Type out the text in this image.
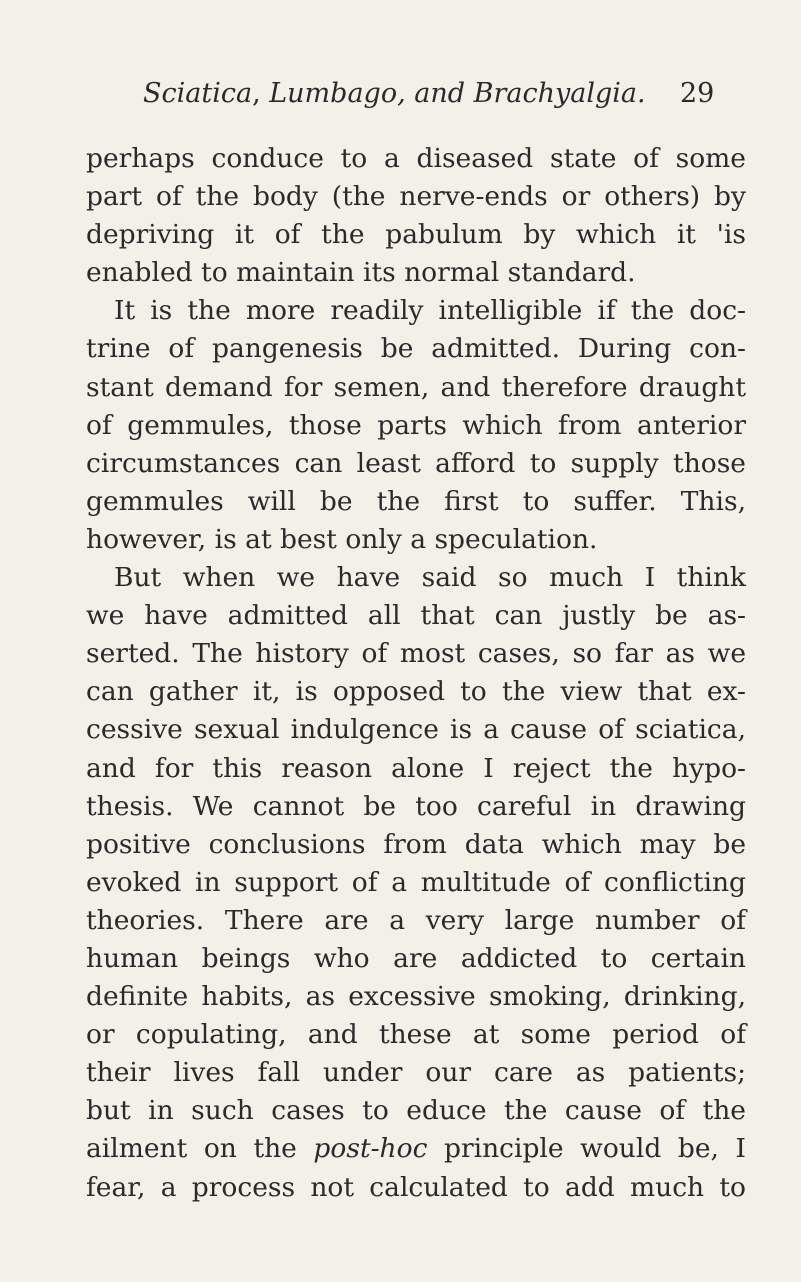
Sciatica, Lumbago, and Brachyalgia.	29
perhaps conduce to a diseased state of some
part of the body (the nerve-ends or others) by
depriving it of the pabulum by which it 'is
enabled to maintain its normal standard.
It is the more readily intelligible if the doc-
trine of pangenesis be admitted. During con-
stant demand for semen, and therefore draught
of gemmules, those parts which from anterior
circumstances can least afford to supply those
gemmules will be the first to suffer. This,
however, is at best only a speculation.
But when we have said so much I think
we have admitted all that can justly be as-
serted. The history of most cases, so far as we
can gather it, is opposed to the view that ex-
cessive sexual indulgence is a cause of sciatica,
and for this reason alone I reject the hypo-
thesis. We cannot be too careful in drawing
positive conclusions from data which may be
evoked in support of a multitude of conflicting
theories. There are a very large number of
human beings who are addicted to certain
definite habits, as excessive smoking, drinking,
or copulating, and these at some period of
their lives fall under our care as patients;
but in such cases to educe the cause of the
ailment on the post-hoc principle would be, I
fear, a process not calculated to add much to
